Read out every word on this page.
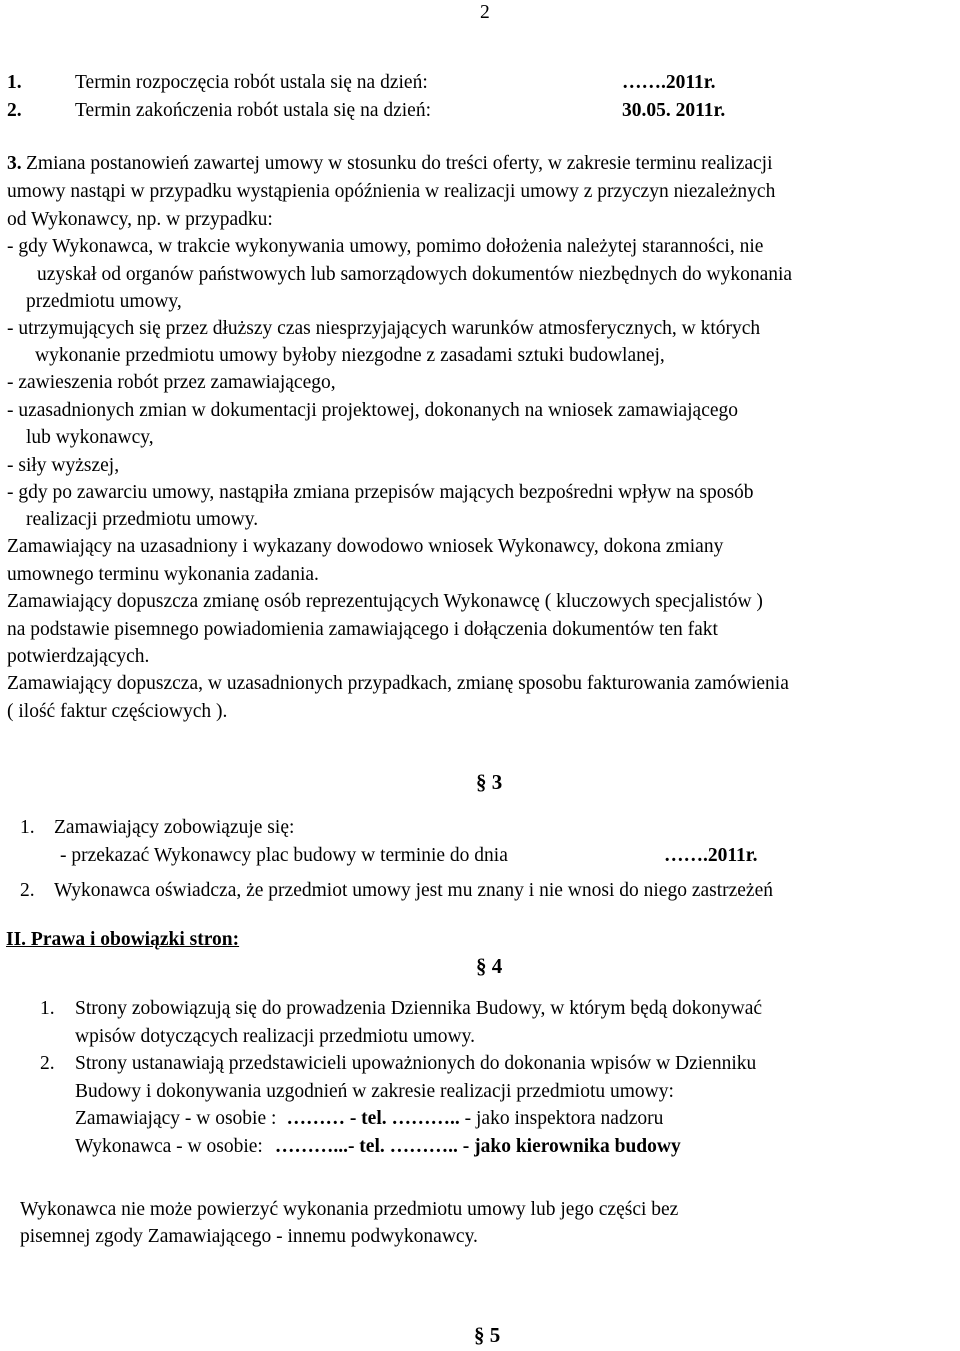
2
1.	Termin rozpoczęcia robót ustala się na dzień:	…….2011r.
2.	Termin zakończenia robót ustala się na dzień:	30.05. 2011r.
3. Zmiana postanowień zawartej umowy w stosunku do treści oferty, w zakresie terminu realizacji
umowy nastąpi w przypadku wystąpienia opóźnienia w realizacji umowy z przyczyn niezależnych
od Wykonawcy, np. w przypadku:
- gdy Wykonawca, w trakcie wykonywania umowy, pomimo dołożenia należytej staranności, nie
uzyskał od organów państwowych lub samorządowych dokumentów niezbędnych do wykonania
przedmiotu umowy,
- utrzymujących się przez dłuższy czas niesprzyjających warunków atmosferycznych, w których
wykonanie przedmiotu umowy byłoby niezgodne z zasadami sztuki budowlanej,
- zawieszenia robót przez zamawiającego,
- uzasadnionych zmian w dokumentacji projektowej, dokonanych na wniosek zamawiającego
lub wykonawcy,
- siły wyższej,
- gdy po zawarciu umowy, nastąpiła zmiana przepisów mających bezpośredni wpływ na sposób
realizacji przedmiotu umowy.
Zamawiający na uzasadniony i wykazany dowodowo wniosek Wykonawcy, dokona zmiany
umownego terminu wykonania zadania.
Zamawiający dopuszcza zmianę osób reprezentujących Wykonawcę ( kluczowych specjalistów )
na podstawie pisemnego powiadomienia zamawiającego i dołączenia dokumentów ten fakt
potwierdzających.
Zamawiający dopuszcza, w uzasadnionych przypadkach, zmianę sposobu fakturowania zamówienia
( ilość faktur częściowych ).
§ 3
1. Zamawiający zobowiązuje się:
- przekazać Wykonawcy plac budowy w terminie do dnia	…….2011r.
2. Wykonawca oświadcza, że przedmiot umowy jest mu znany i nie wnosi do niego zastrzeżeń
II. Prawa i obowiązki stron:
§ 4
1. Strony zobowiązują się do prowadzenia Dziennika Budowy, w którym będą dokonywać
wpisów dotyczących realizacji przedmiotu umowy.
2. Strony ustanawiają przedstawicieli upoważnionych do dokonania wpisów w Dzienniku
Budowy i dokonywania uzgodnień w zakresie realizacji przedmiotu umowy:
Zamawiający - w osobie : ……… - tel. ……….. - jako inspektora nadzoru
Wykonawca - w osobie: ………...- tel. ……….. - jako kierownika budowy
Wykonawca nie może powierzyć wykonania przedmiotu umowy lub jego części bez
pisemnej zgody Zamawiającego - innemu podwykonawcy.
§ 5
